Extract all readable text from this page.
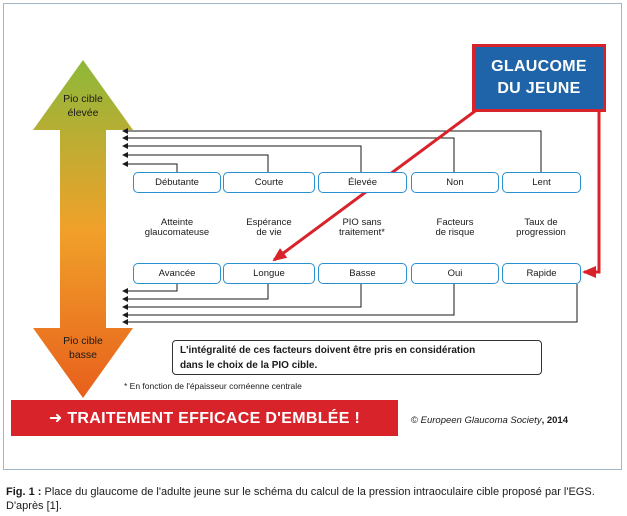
Pio cible
élevée
Pio cible
basse
Débutante
Atteinte
glaucomateuse
Avancée
Courte
Espérance
de vie
Longue
Élevée
PIO sans
traitement*
Basse
Non
Facteurs
de risque
Oui
Lent
Taux de
progression
Rapide
GLAUCOME
DU JEUNE
L'intégralité de ces facteurs doivent être pris en considération
dans le choix de la PIO cible.
* En fonction de l'épaisseur cornéenne centrale
➜ TRAITEMENT EFFICACE D'EMBLÉE !	© Europeen Glaucoma Society, 2014
Fig. 1 : Place du glaucome de l'adulte jeune sur le schéma du calcul de la pression intraoculaire cible proposé par l'EGS. D'après [1].
